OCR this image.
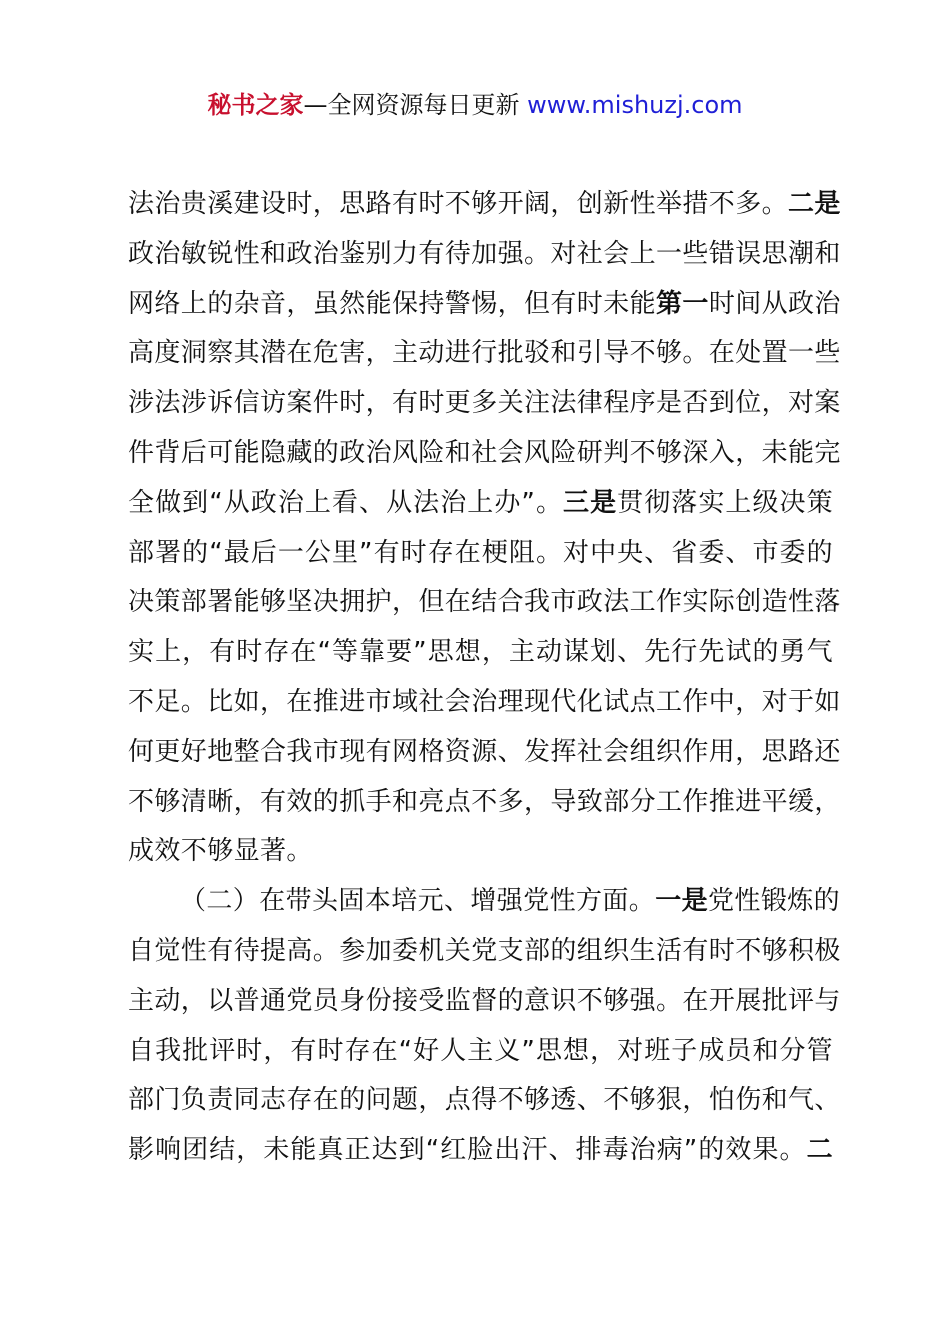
秘书之家—全网资源每日更新 www.mishuzj.com
法治贵溪建设时，思路有时不够开阔，创新性举措不多。二是
政治敏锐性和政治鉴别力有待加强。对社会上一些错误思潮和
网络上的杂音，虽然能保持警惕，但有时未能第一时间从政治
高度洞察其潜在危害，主动进行批驳和引导不够。在处置一些
涉法涉诉信访案件时，有时更多关注法律程序是否到位，对案
件背后可能隐藏的政治风险和社会风险研判不够深入，未能完
全做到“从政治上看、从法治上办”。三是贯彻落实上级决策
部署的“最后一公里”有时存在梗阻。对中央、省委、市委的
决策部署能够坚决拥护，但在结合我市政法工作实际创造性落
实上，有时存在“等靠要”思想，主动谋划、先行先试的勇气
不足。比如，在推进市域社会治理现代化试点工作中，对于如
何更好地整合我市现有网格资源、发挥社会组织作用，思路还
不够清晰，有效的抓手和亮点不多，导致部分工作推进平缓，
成效不够显著。
（二）在带头固本培元、增强党性方面。一是党性锻炼的
自觉性有待提高。参加委机关党支部的组织生活有时不够积极
主动，以普通党员身份接受监督的意识不够强。在开展批评与
自我批评时，有时存在“好人主义”思想，对班子成员和分管
部门负责同志存在的问题，点得不够透、不够狠，怕伤和气、
影响团结，未能真正达到“红脸出汗、排毒治病”的效果。二
